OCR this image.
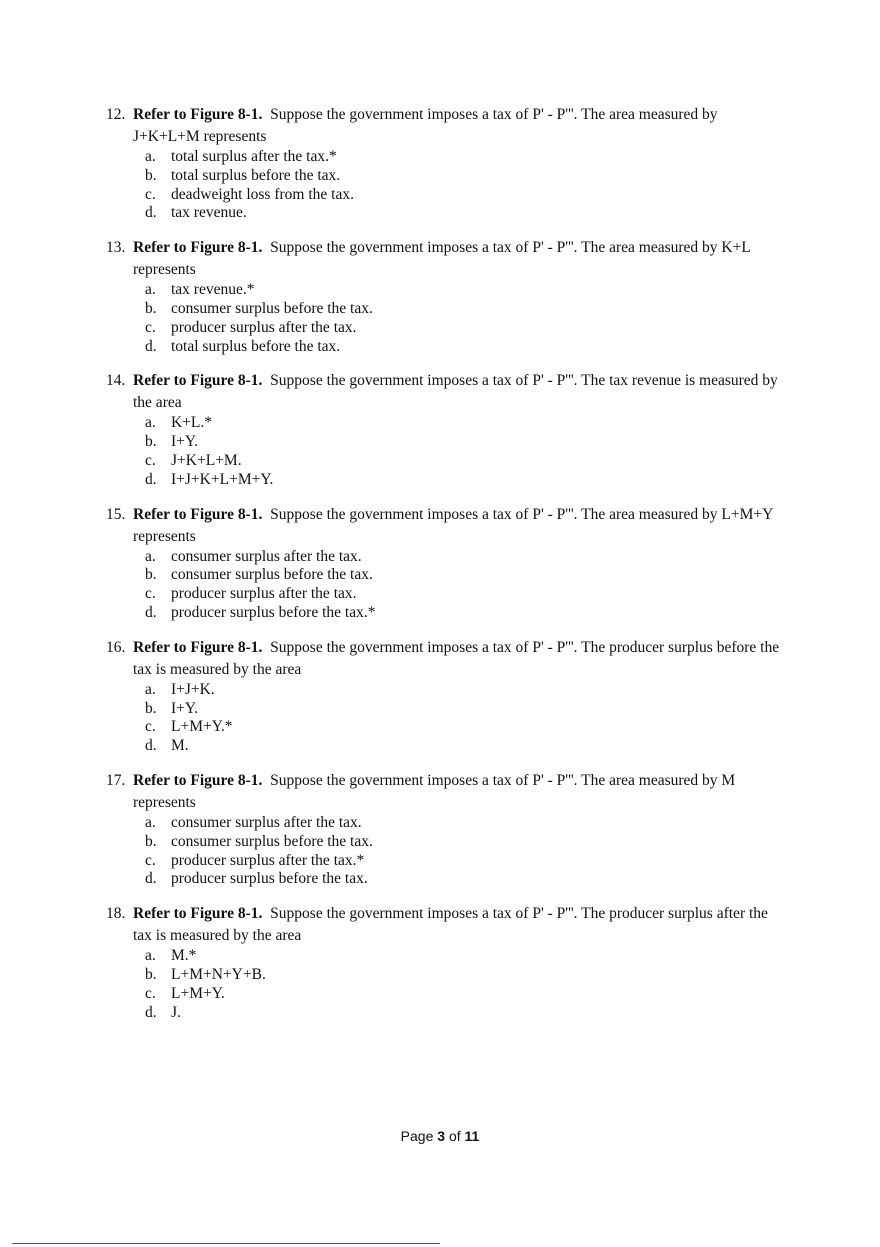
12. Refer to Figure 8-1. Suppose the government imposes a tax of P' - P'''. The area measured by J+K+L+M represents
a. total surplus after the tax.*
b. total surplus before the tax.
c. deadweight loss from the tax.
d. tax revenue.
13. Refer to Figure 8-1. Suppose the government imposes a tax of P' - P'''. The area measured by K+L represents
a. tax revenue.*
b. consumer surplus before the tax.
c. producer surplus after the tax.
d. total surplus before the tax.
14. Refer to Figure 8-1. Suppose the government imposes a tax of P' - P'''. The tax revenue is measured by the area
a. K+L.*
b. I+Y.
c. J+K+L+M.
d. I+J+K+L+M+Y.
15. Refer to Figure 8-1. Suppose the government imposes a tax of P' - P'''. The area measured by L+M+Y represents
a. consumer surplus after the tax.
b. consumer surplus before the tax.
c. producer surplus after the tax.
d. producer surplus before the tax.*
16. Refer to Figure 8-1. Suppose the government imposes a tax of P' - P'''. The producer surplus before the tax is measured by the area
a. I+J+K.
b. I+Y.
c. L+M+Y.*
d. M.
17. Refer to Figure 8-1. Suppose the government imposes a tax of P' - P'''. The area measured by M represents
a. consumer surplus after the tax.
b. consumer surplus before the tax.
c. producer surplus after the tax.*
d. producer surplus before the tax.
18. Refer to Figure 8-1. Suppose the government imposes a tax of P' - P'''. The producer surplus after the tax is measured by the area
a. M.*
b. L+M+N+Y+B.
c. L+M+Y.
d. J.
Page 3 of 11
